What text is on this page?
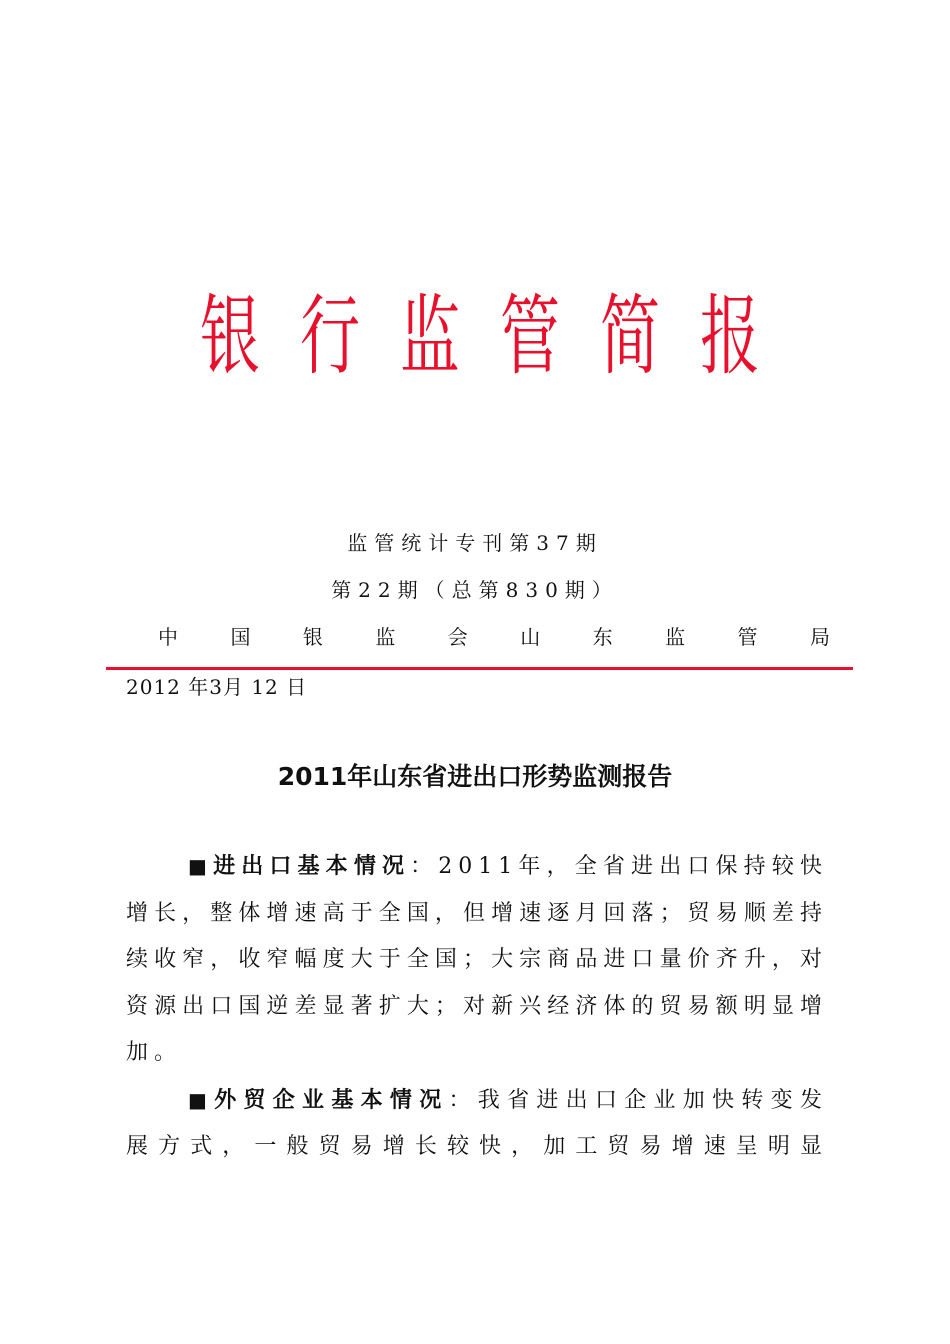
银 行 监 管 简 报
监管统计专刊第37期
第22期（总第830期）
中	国	银	监	会	山	东	监	管	局
2012 年3月 12 日
2011年山东省进出口形势监测报告

■ 进出口基本情况：2011年，全省进出口保持较快增长，整体增速高于全国，但增速逐月回落；贸易顺差持续收窄，收窄幅度大于全国；大宗商品进口量价齐升，对资源出口国逆差显著扩大；对新兴经济体的贸易额明显增加。

■ 外贸企业基本情况：我省进出口企业加快转变发展方式，一般贸易增长较快，加工贸易增速呈明显
